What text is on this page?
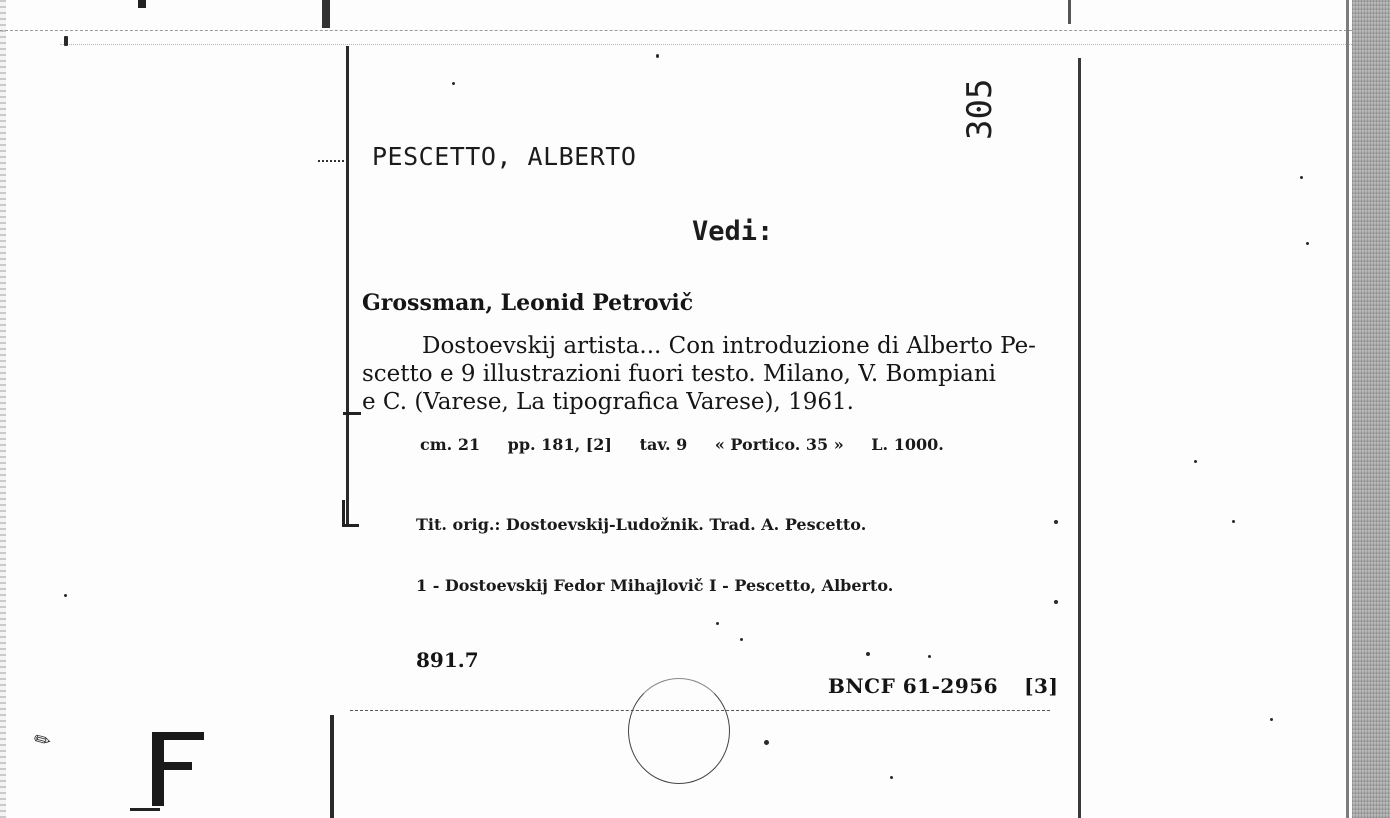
305
PESCETTO, ALBERTO
Vedi:
Grossman, Leonid Petrovič
Dostoevskij artista... Con introduzione di Alberto Pe-
scetto e 9 illustrazioni fuori testo. Milano, V. Bompiani
e C. (Varese, La tipografica Varese), 1961.
cm. 21 pp. 181, [2] tav. 9 « Portico. 35 » L. 1000.
Tit. orig.: Dostoevskij-Ludožnik. Trad. A. Pescetto.
1 - Dostoevskij Fedor Mihajlovič I - Pescetto, Alberto.
891.7
BNCF 61-2956 [3]
✎
